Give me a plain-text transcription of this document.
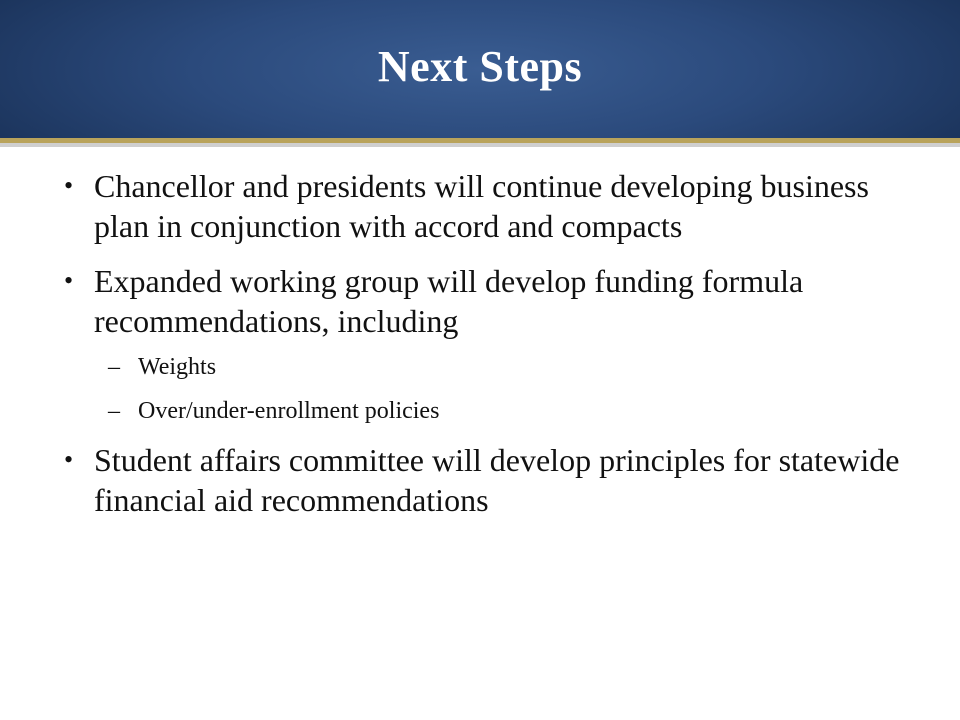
Next Steps
• Chancellor and presidents will continue developing business plan in conjunction with accord and compacts
• Expanded working group will develop funding formula recommendations, including
– Weights
– Over/under-enrollment policies
• Student affairs committee will develop principles for statewide financial aid recommendations
